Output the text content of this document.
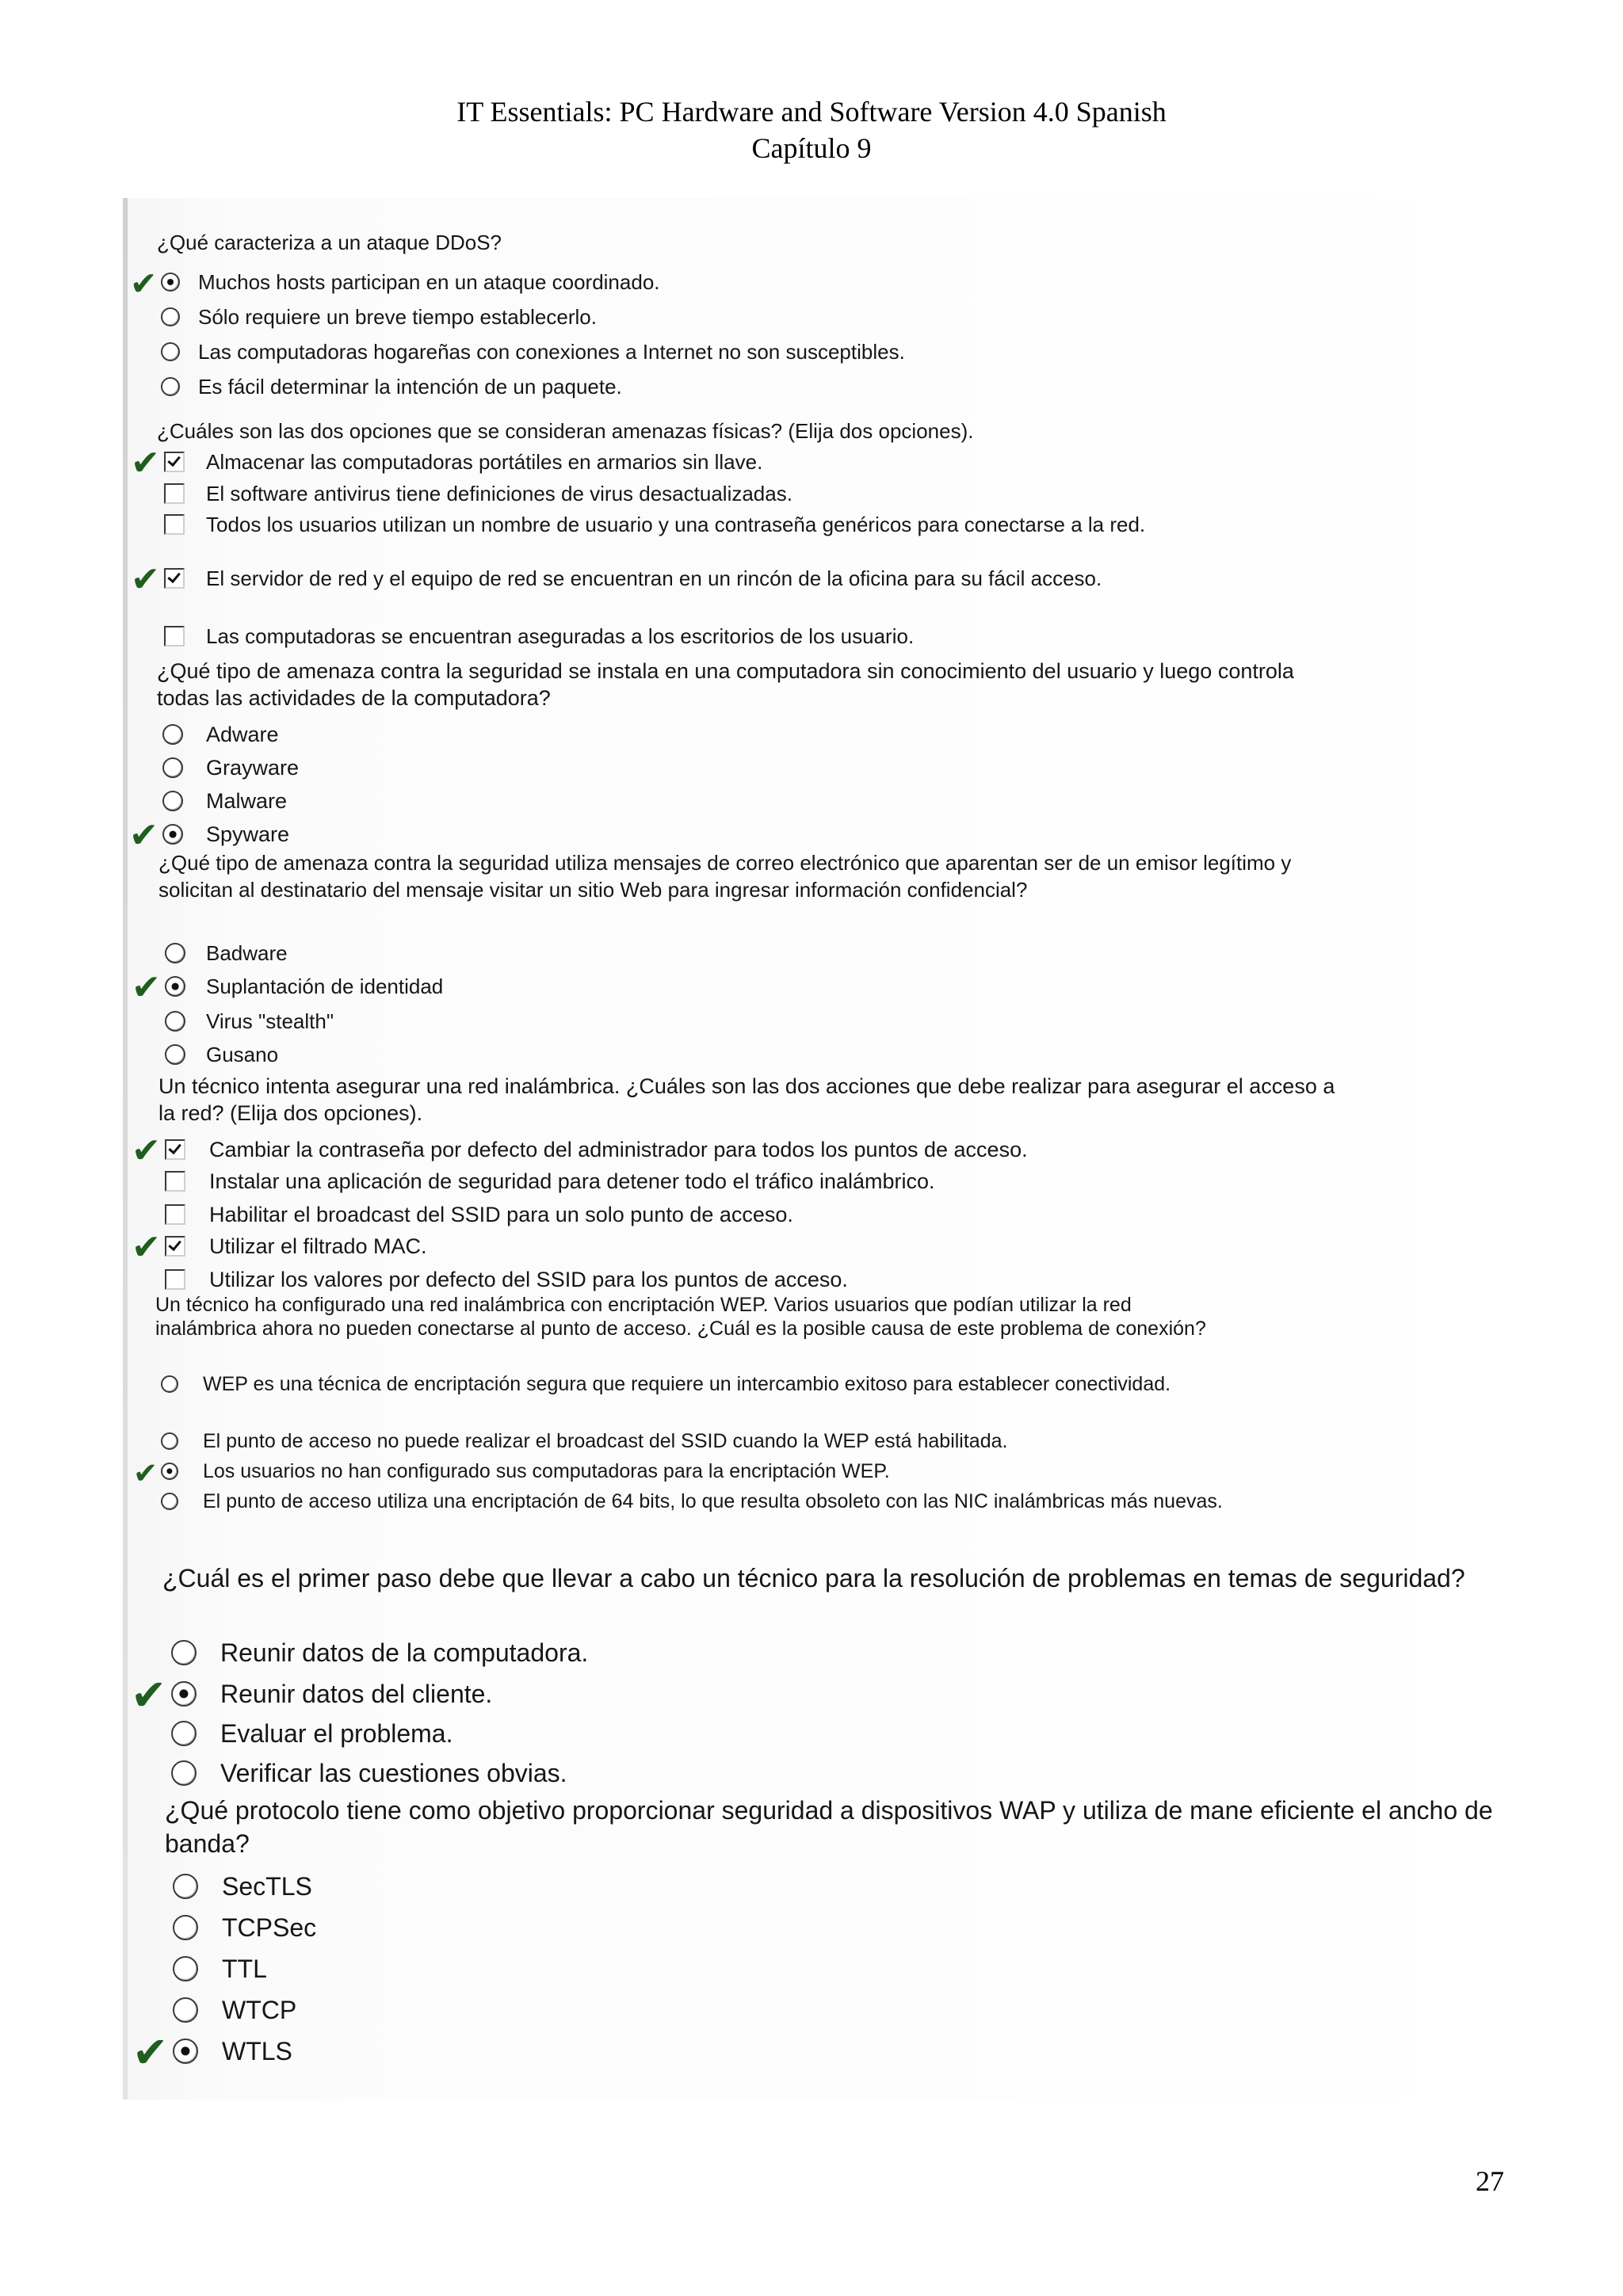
IT Essentials: PC Hardware and Software Version 4.0 Spanish
Capítulo 9

¿Qué caracteriza a un ataque DDoS?

Muchos hosts participan en un ataque coordinado.
✔
Sólo requiere un breve tiempo establecerlo.
Las computadoras hogareñas con conexiones a Internet no son susceptibles.
Es fácil determinar la intención de un paquete.

¿Cuáles son las dos opciones que se consideran amenazas físicas? (Elija dos opciones).

Almacenar las computadoras portátiles en armarios sin llave.
✔
El software antivirus tiene definiciones de virus desactualizadas.
Todos los usuarios utilizan un nombre de usuario y una contraseña genéricos para conectarse a la red.
El servidor de red y el equipo de red se encuentran en un rincón de la oficina para su fácil acceso.
✔
Las computadoras se encuentran aseguradas a los escritorios de los usuario.

¿Qué tipo de amenaza contra la seguridad se instala en una computadora sin conocimiento del usuario y luego controla todas las actividades de la computadora?

Adware
Grayware
Malware
Spyware
✔

¿Qué tipo de amenaza contra la seguridad utiliza mensajes de correo electrónico que aparentan ser de un emisor legítimo y solicitan al destinatario del mensaje visitar un sitio Web para ingresar información confidencial?

Badware
Suplantación de identidad
✔
Virus "stealth"
Gusano

Un técnico intenta asegurar una red inalámbrica. ¿Cuáles son las dos acciones que debe realizar para asegurar el acceso a la red? (Elija dos opciones).

Cambiar la contraseña por defecto del administrador para todos los puntos de acceso.
✔
Instalar una aplicación de seguridad para detener todo el tráfico inalámbrico.
Habilitar el broadcast del SSID para un solo punto de acceso.
Utilizar el filtrado MAC.
✔
Utilizar los valores por defecto del SSID para los puntos de acceso.

Un técnico ha configurado una red inalámbrica con encriptación WEP. Varios usuarios que podían utilizar la red inalámbrica ahora no pueden conectarse al punto de acceso. ¿Cuál es la posible causa de este problema de conexión?

WEP es una técnica de encriptación segura que requiere un intercambio exitoso para establecer conectividad.
El punto de acceso no puede realizar el broadcast del SSID cuando la WEP está habilitada.
Los usuarios no han configurado sus computadoras para la encriptación WEP.
✔
El punto de acceso utiliza una encriptación de 64 bits, lo que resulta obsoleto con las NIC inalámbricas más nuevas.

¿Cuál es el primer paso debe que llevar a cabo un técnico para la resolución de problemas en temas de seguridad?

Reunir datos de la computadora.
Reunir datos del cliente.
✔
Evaluar el problema.
Verificar las cuestiones obvias.

¿Qué protocolo tiene como objetivo proporcionar seguridad a dispositivos WAP y utiliza de mane eficiente el ancho de banda?

SecTLS
TCPSec
TTL
WTCP
WTLS
✔
27
